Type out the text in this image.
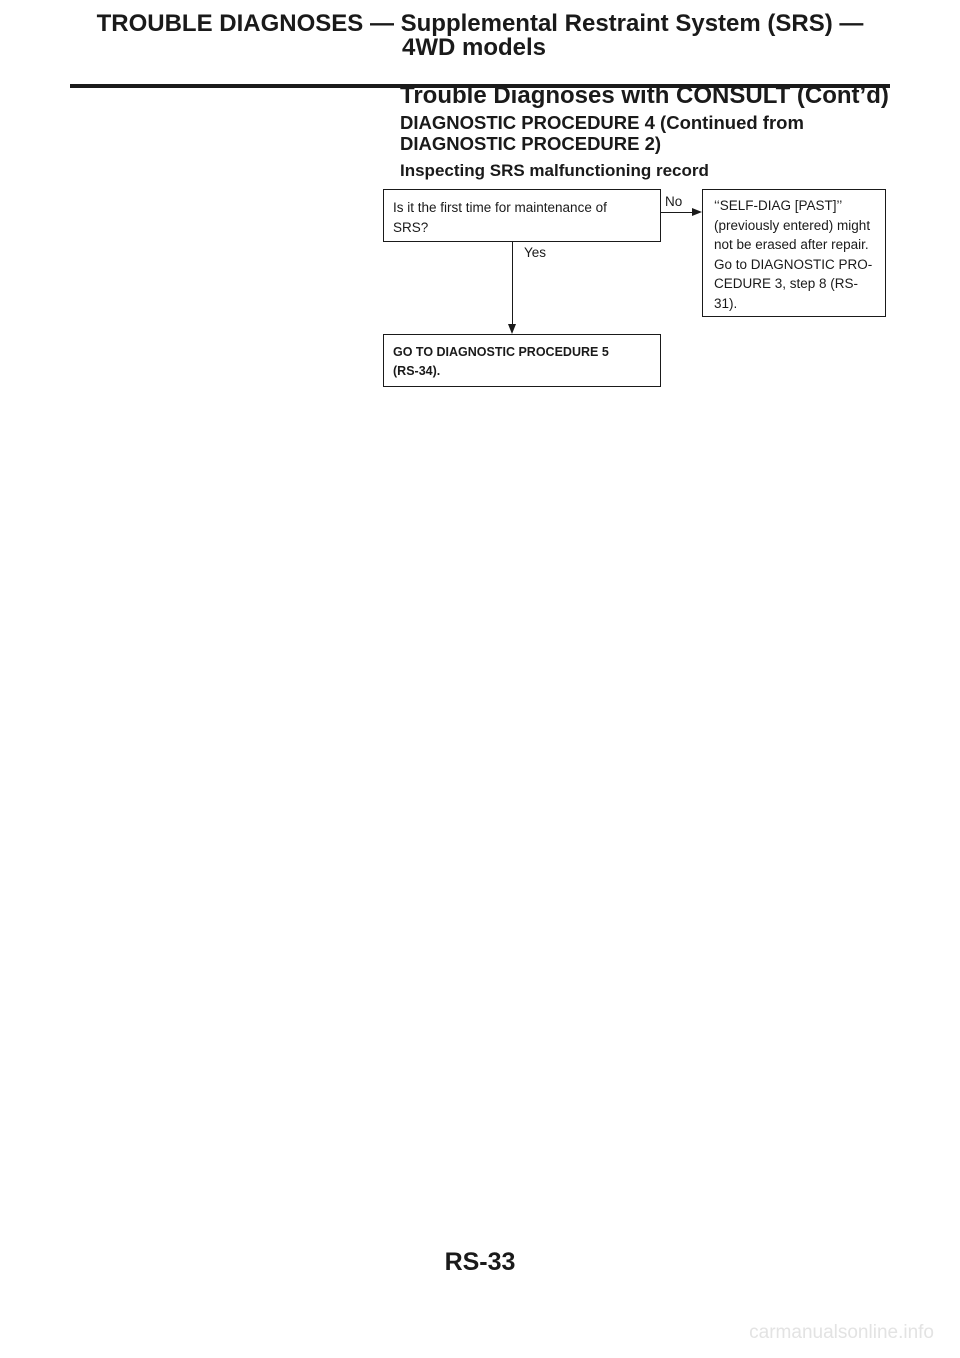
TROUBLE DIAGNOSES — Supplemental Restraint System (SRS) —
4WD models
Trouble Diagnoses with CONSULT (Cont’d)
DIAGNOSTIC PROCEDURE 4 (Continued from
DIAGNOSTIC PROCEDURE 2)
Inspecting SRS malfunctioning record
Is it the first time for maintenance of
SRS?
No ‘‘SELF-DIAG [PAST]’’
(previously entered) might
not be erased after repair.
Go to DIAGNOSTIC PRO-
CEDURE 3, step 8 (RS-
31).
Yes
GO TO DIAGNOSTIC PROCEDURE 5
(RS-34).
RS-33
carmanualsonline.info
